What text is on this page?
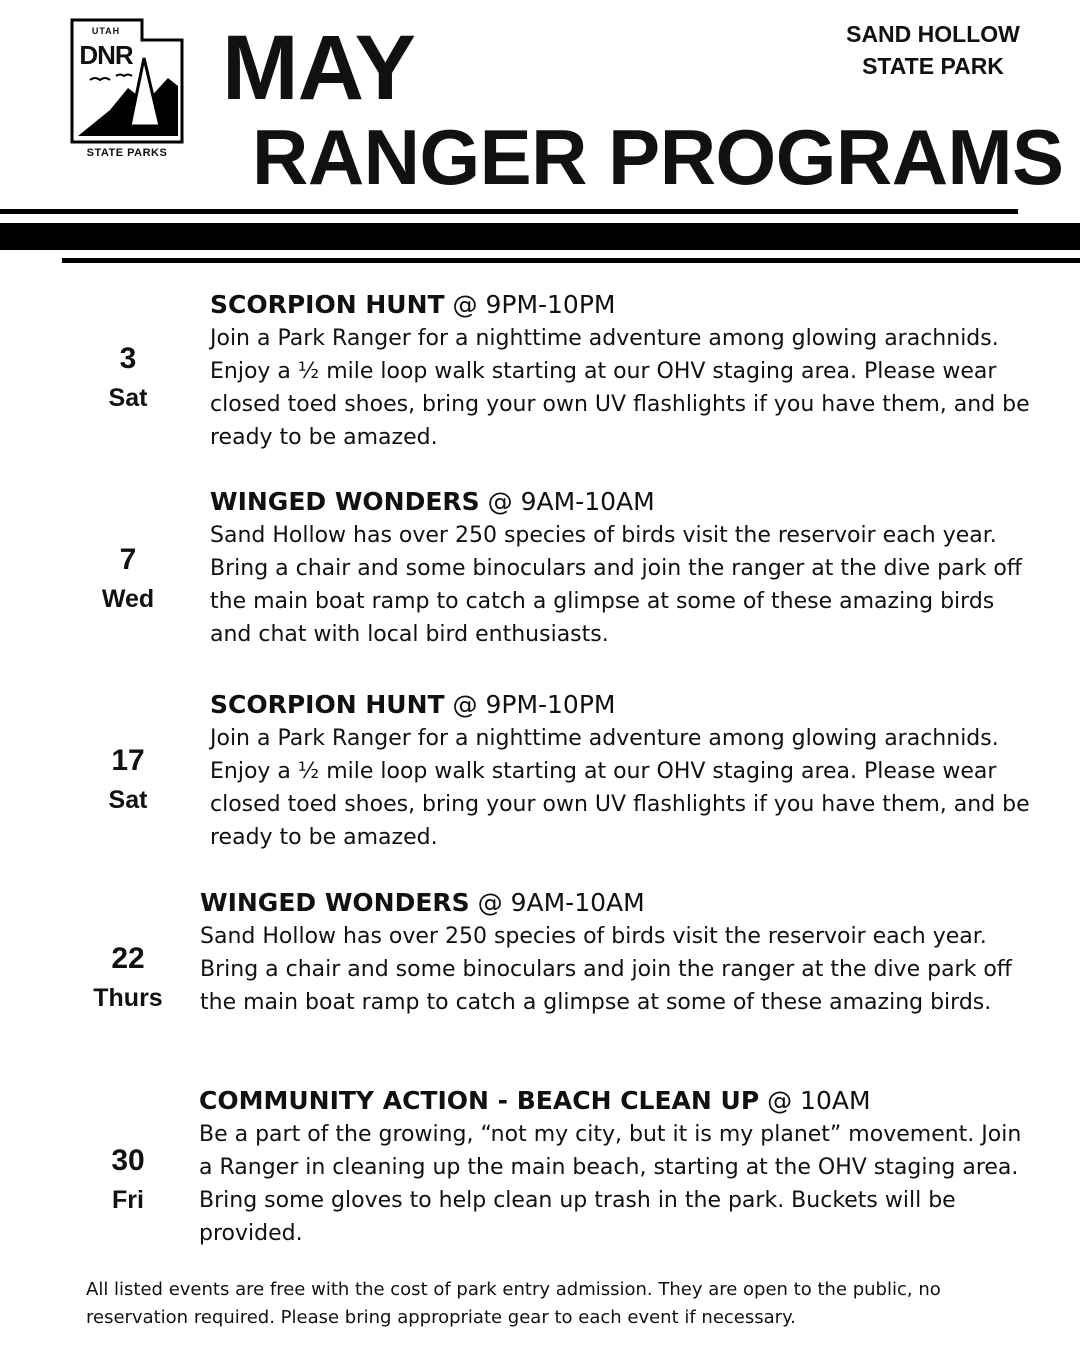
UTAH
DNR
STATE PARKS
MAY
RANGER PROGRAMS
SAND HOLLOW
STATE PARK
3
Sat
SCORPION HUNT @ 9PM-10PM
Join a Park Ranger for a nighttime adventure among glowing arachnids. Enjoy a ½ mile loop walk starting at our OHV staging area. Please wear closed toed shoes, bring your own UV flashlights if you have them, and be ready to be amazed.
7
Wed
WINGED WONDERS @ 9AM-10AM
Sand Hollow has over 250 species of birds visit the reservoir each year. Bring a chair and some binoculars and join the ranger at the dive park off the main boat ramp to catch a glimpse at some of these amazing birds and chat with local bird enthusiasts.
17
Sat
SCORPION HUNT @ 9PM-10PM
Join a Park Ranger for a nighttime adventure among glowing arachnids. Enjoy a ½ mile loop walk starting at our OHV staging area. Please wear closed toed shoes, bring your own UV flashlights if you have them, and be ready to be amazed.
22
Thurs
WINGED WONDERS @ 9AM-10AM
Sand Hollow has over 250 species of birds visit the reservoir each year. Bring a chair and some binoculars and join the ranger at the dive park off the main boat ramp to catch a glimpse at some of these amazing birds.
30
Fri
COMMUNITY ACTION - BEACH CLEAN UP @ 10AM
Be a part of the growing, “not my city, but it is my planet” movement. Join a Ranger in cleaning up the main beach, starting at the OHV staging area. Bring some gloves to help clean up trash in the park. Buckets will be provided.
All listed events are free with the cost of park entry admission. They are open to the public, no reservation required. Please bring appropriate gear to each event if necessary.
